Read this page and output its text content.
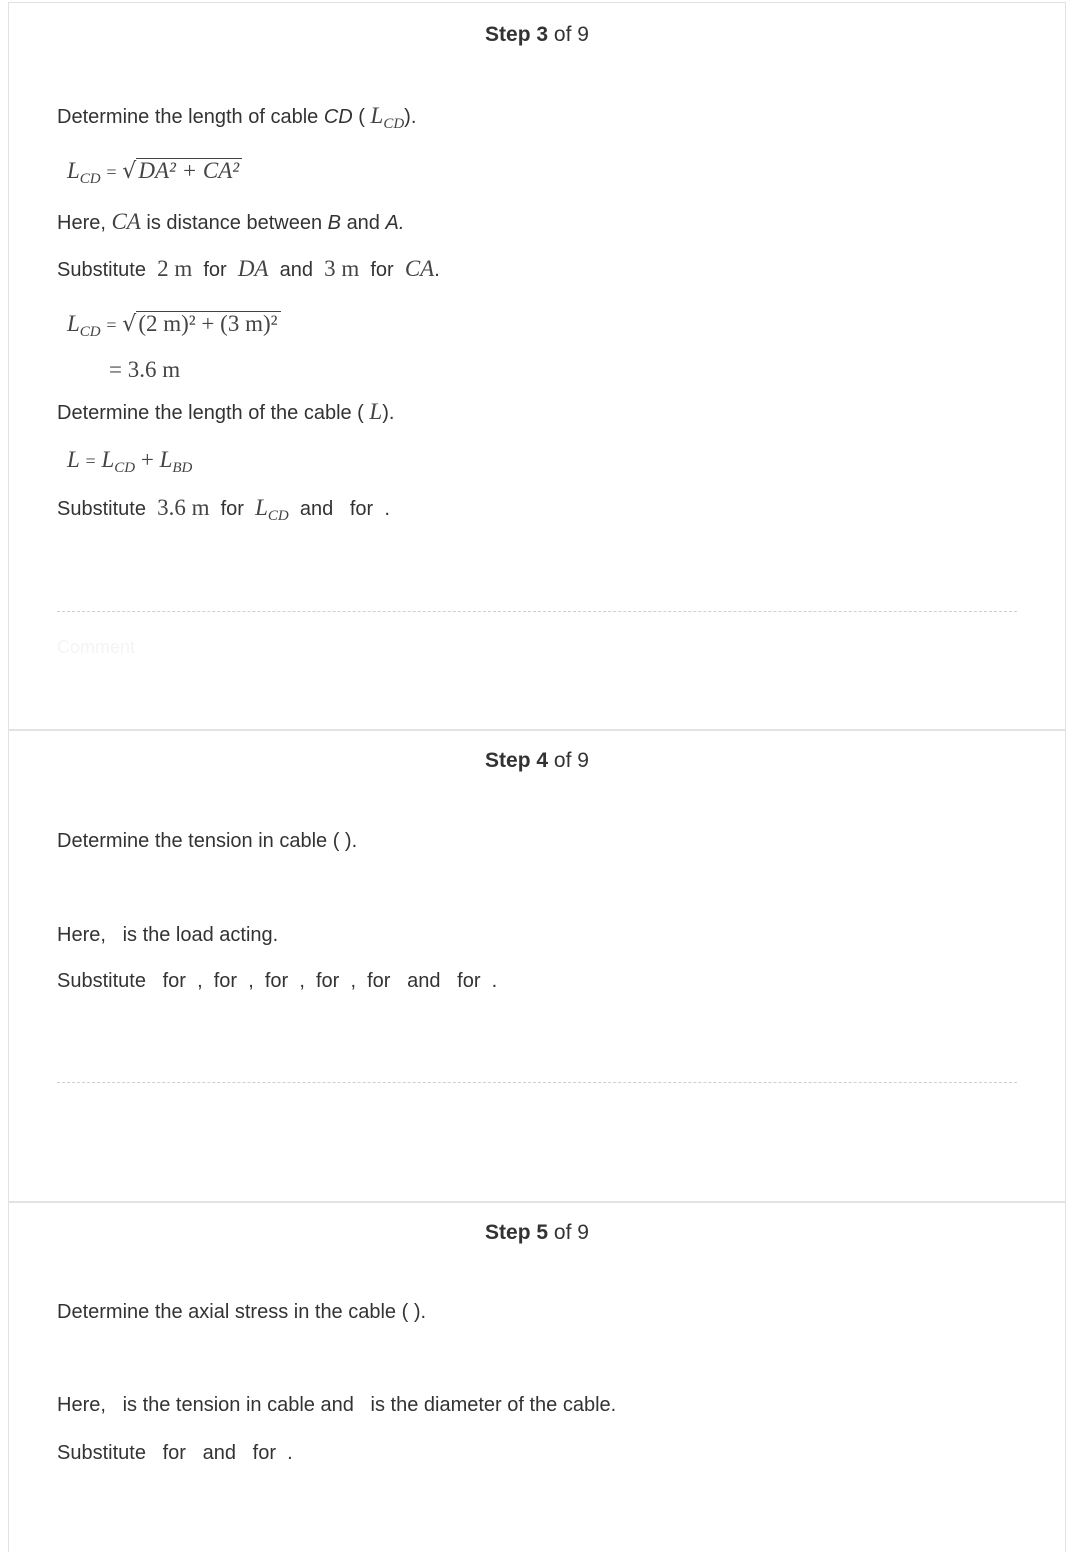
Step 3 of 9
Determine the length of cable CD ( $L_{CD}$).
$L_{CD} = √DA^2 + CA^2$
Here, CA is distance between B and A.
Substitute 2 m for DA and 3 m for CA.
$L_{CD} = √(2$ m)² + (3 m)²
= 3.6 m
Determine the length of the cable ( L).
$L = L_{CD} + L_{BD}$
Substitute 3.6 m for $L_{CD}$ and for .
Comment
Step 4 of 9
Determine the tension in cable ( ).
Here,   is the load acting.
Substitute   for  ,  for  ,  for  ,  for  ,  for   and   for  .
Step 5 of 9
Determine the axial stress in the cable ( ).
Here,   is the tension in cable and   is the diameter of the cable.
Substitute   for   and   for  .
